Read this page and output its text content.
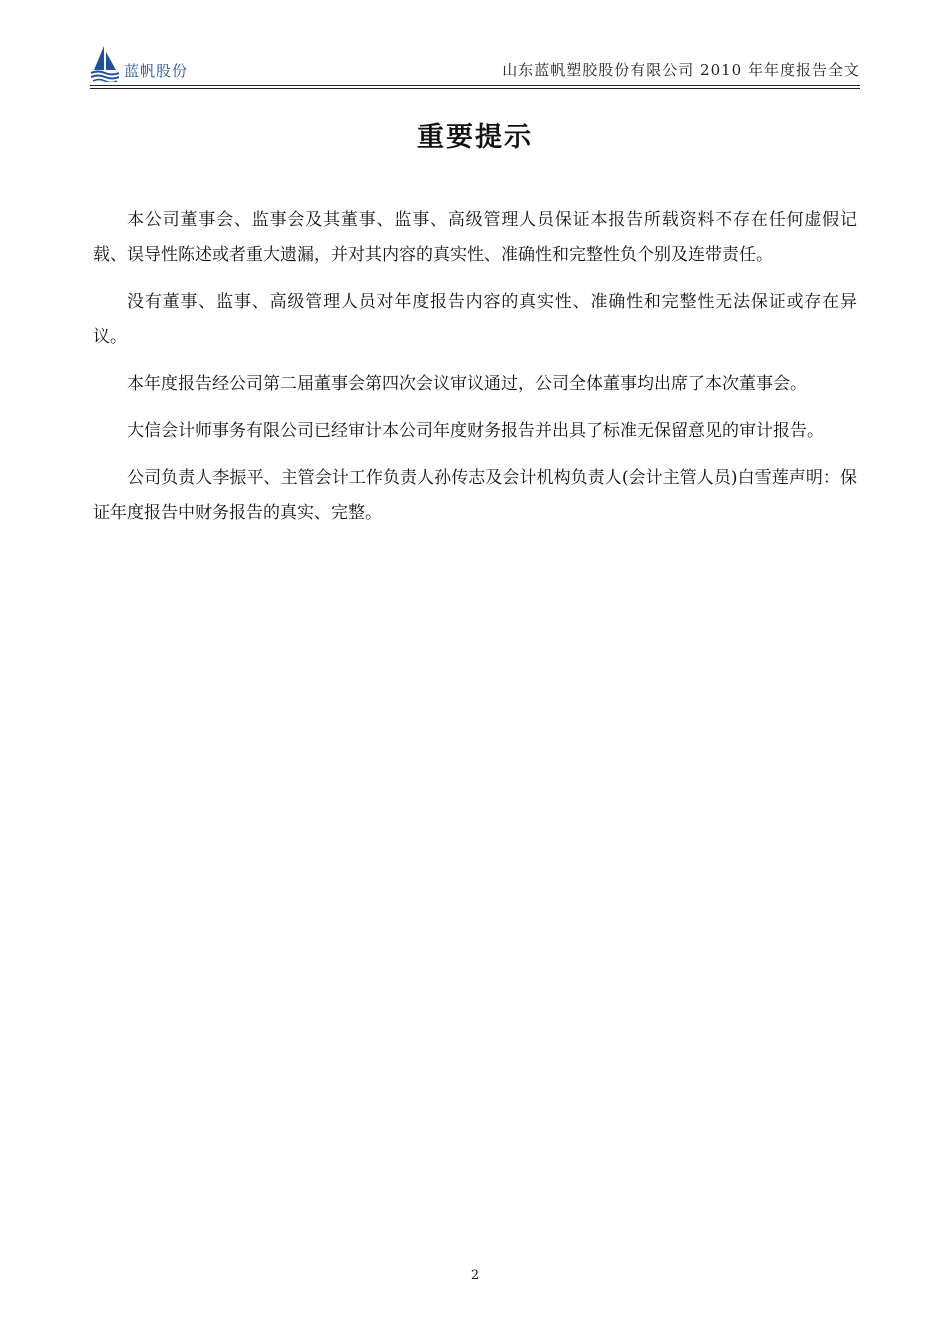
蓝帆股份	山东蓝帆塑胶股份有限公司 2010 年年度报告全文
重要提示

本公司董事会、监事会及其董事、监事、高级管理人员保证本报告所载资料不存在任何虚假记载、误导性陈述或者重大遗漏，并对其内容的真实性、准确性和完整性负个别及连带责任。

没有董事、监事、高级管理人员对年度报告内容的真实性、准确性和完整性无法保证或存在异议。

本年度报告经公司第二届董事会第四次会议审议通过，公司全体董事均出席了本次董事会。

大信会计师事务有限公司已经审计本公司年度财务报告并出具了标准无保留意见的审计报告。

公司负责人李振平、主管会计工作负责人孙传志及会计机构负责人(会计主管人员)白雪莲声明：保证年度报告中财务报告的真实、完整。

2
